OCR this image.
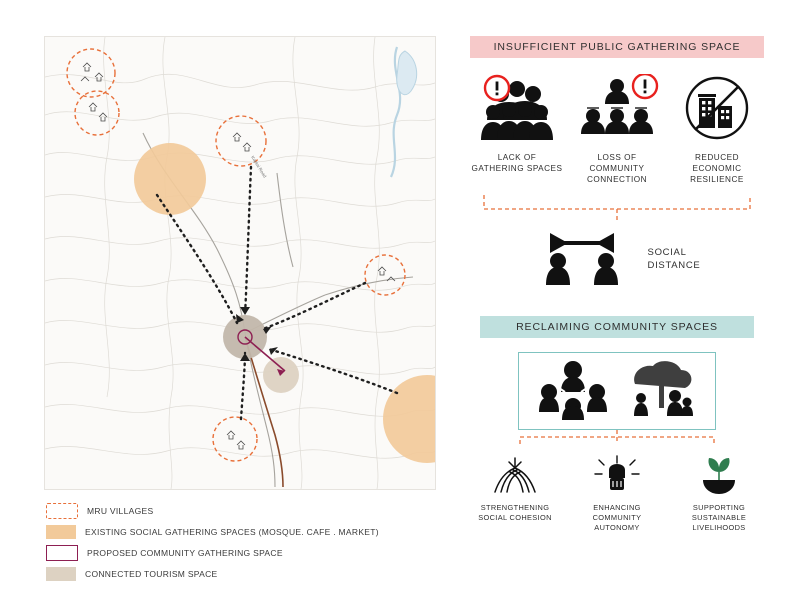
Kaptai Road
MRU VILLAGES
EXISTING SOCIAL GATHERING SPACES (MOSQUE. CAFE . MARKET)
PROPOSED COMMUNITY GATHERING SPACE
CONNECTED TOURISM SPACE
INSUFFICIENT PUBLIC GATHERING SPACE
LACK OF
GATHERING SPACES
LOSS OF
COMMUNITY
CONNECTION
REDUCED
ECONOMIC
RESILIENCE
SOCIAL
DISTANCE
RECLAIMING COMMUNITY SPACES
STRENGTHENING
SOCIAL COHESION
ENHANCING
COMMUNITY
AUTONOMY
SUPPORTING
SUSTAINABLE
LIVELIHOODS
